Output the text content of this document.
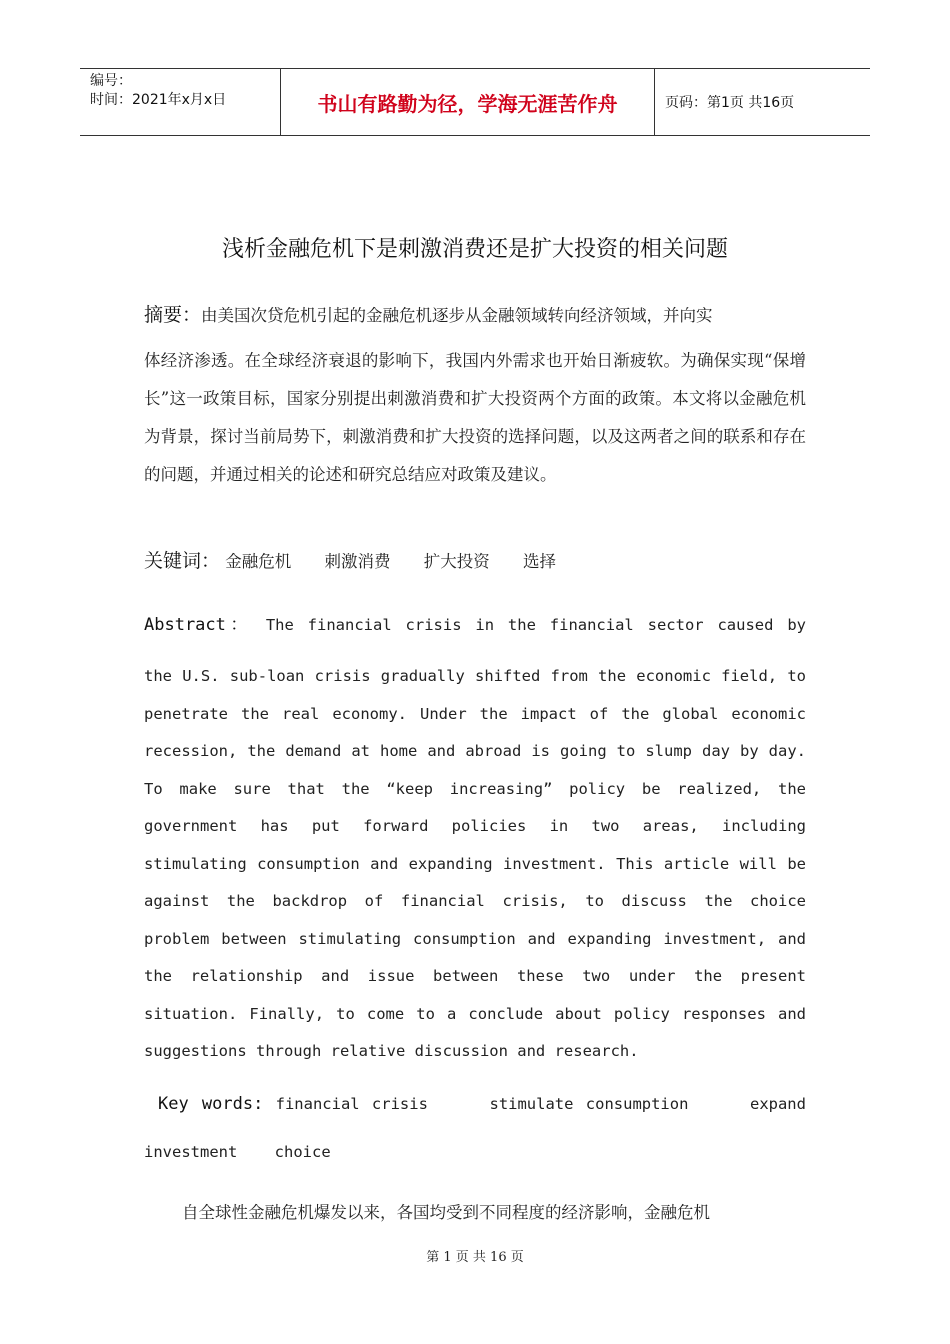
编号：
时间：2021年x月x日	书山有路勤为径，学海无涯苦作舟	页码：第1页 共16页
浅析金融危机下是刺激消费还是扩大投资的相关问题
摘要：由美国次贷危机引起的金融危机逐步从金融领域转向经济领域，并向实
体经济渗透。在全球经济衰退的影响下，我国内外需求也开始日渐疲软。为确保实现“保增长”这一政策目标，国家分别提出刺激消费和扩大投资两个方面的政策。本文将以金融危机为背景，探讨当前局势下，刺激消费和扩大投资的选择问题，以及这两者之间的联系和存在的问题，并通过相关的论述和研究总结应对政策及建议。
关键词： 金融危机 刺激消费 扩大投资 选择
Abstract： The financial crisis in the financial sector caused by
the U.S. sub-loan crisis gradually shifted from the economic field, to penetrate the real economy. Under the impact of the global economic recession, the demand at home and abroad is going to slump day by day. To make sure that the “keep increasing” policy be realized, the government has put forward policies in two areas, including stimulating consumption and expanding investment. This article will be against the backdrop of financial crisis, to discuss the choice problem between stimulating consumption and expanding investment, and the relationship and issue between these two under the present situation. Finally, to come to a conclude about policy responses and suggestions through relative discussion and research.
Key words: financial crisis	stimulate consumption	expand investment choice
自全球性金融危机爆发以来，各国均受到不同程度的经济影响，金融危机
第 1 页 共 16 页
